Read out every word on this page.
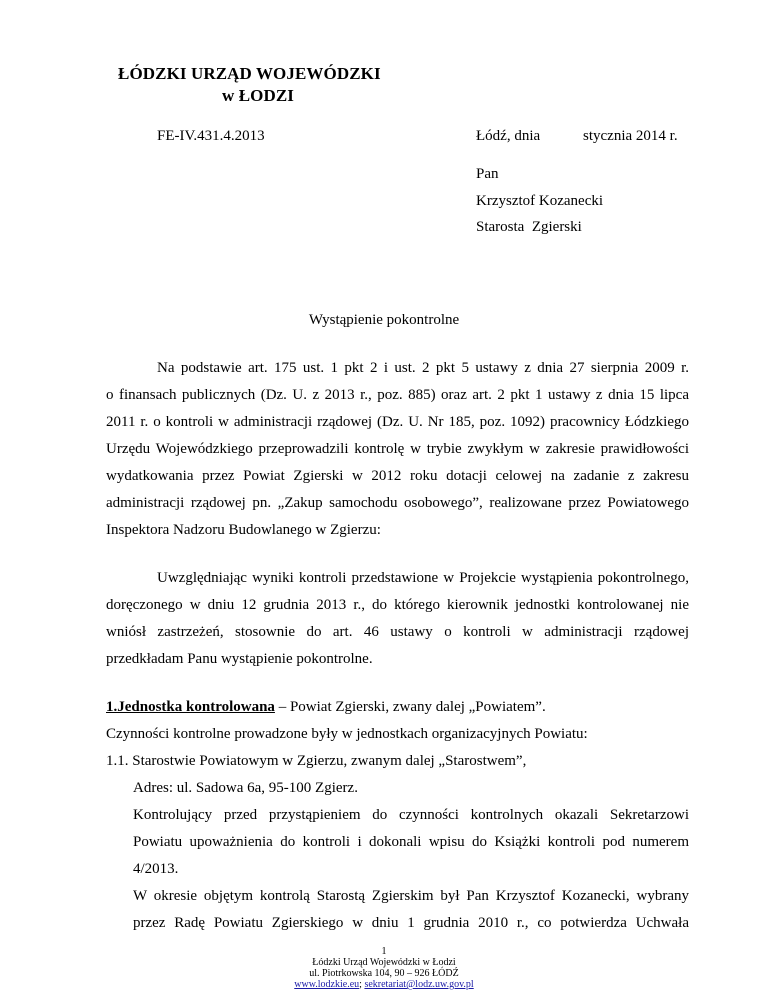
ŁÓDZKI URZĄD WOJEWÓDZKI
w ŁODZI
FE-IV.431.4.2013	Łódź, dnia	stycznia 2014 r.
Pan
Krzysztof Kozanecki
Starosta  Zgierski
Wystąpienie pokontrolne
Na podstawie art. 175 ust. 1 pkt 2 i ust. 2 pkt 5 ustawy z dnia 27 sierpnia 2009 r.
o finansach publicznych (Dz. U. z 2013 r., poz. 885) oraz art. 2 pkt 1 ustawy z dnia 15 lipca
2011 r. o kontroli w administracji rządowej (Dz. U. Nr 185, poz. 1092) pracownicy Łódzkiego
Urzędu Wojewódzkiego przeprowadzili kontrolę w trybie zwykłym w zakresie prawidłowości
wydatkowania przez Powiat Zgierski w 2012 roku dotacji celowej na zadanie z zakresu
administracji rządowej pn. „Zakup samochodu osobowego”, realizowane przez Powiatowego
Inspektora Nadzoru Budowlanego w Zgierzu:
Uwzględniając wyniki kontroli przedstawione w Projekcie wystąpienia pokontrolnego,
doręczonego w dniu 12 grudnia 2013 r., do którego kierownik jednostki kontrolowanej nie
wniósł zastrzeżeń, stosownie do art. 46 ustawy o kontroli w administracji rządowej
przedkładam Panu wystąpienie pokontrolne.
1.Jednostka kontrolowana – Powiat Zgierski, zwany dalej „Powiatem”.
Czynności kontrolne prowadzone były w jednostkach organizacyjnych Powiatu:
1.1. Starostwie Powiatowym w Zgierzu, zwanym dalej „Starostwem”,
Adres: ul. Sadowa 6a, 95-100 Zgierz.
Kontrolujący przed przystąpieniem do czynności kontrolnych okazali Sekretarzowi
Powiatu upoważnienia do kontroli i dokonali wpisu do Książki kontroli pod numerem
4/2013.
W okresie objętym kontrolą Starostą Zgierskim był Pan Krzysztof Kozanecki, wybrany
przez Radę Powiatu Zgierskiego w dniu 1 grudnia 2010 r., co potwierdza Uchwała
1
Łódzki Urząd Wojewódzki w Łodzi
ul. Piotrkowska 104, 90 – 926 ŁÓDŹ
www.lodzkie.eu; sekretariat@lodz.uw.gov.pl
